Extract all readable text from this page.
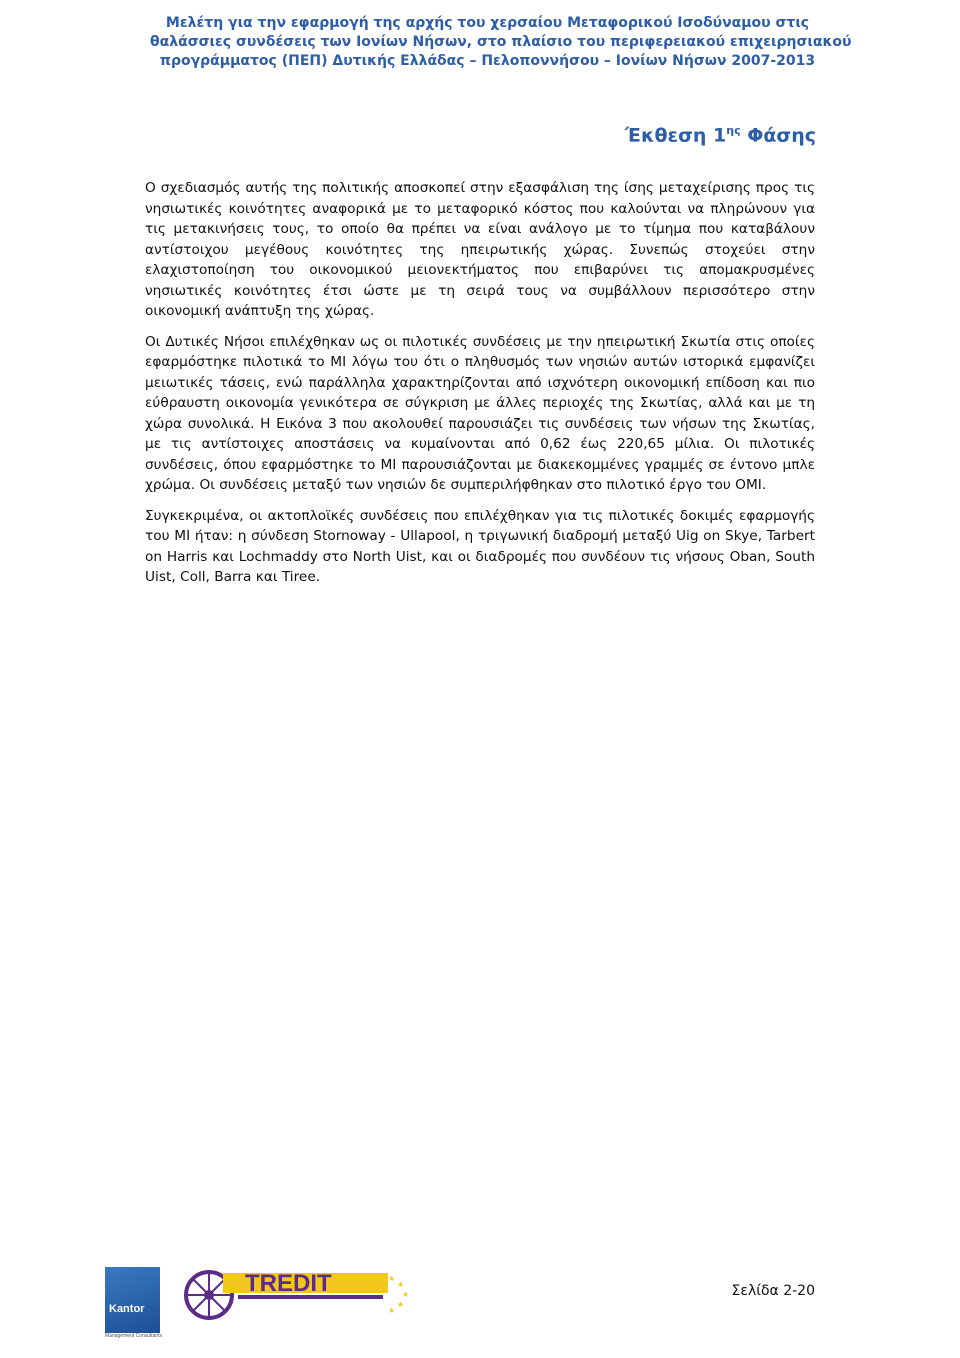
Μελέτη για την εφαρμογή της αρχής του χερσαίου Μεταφορικού Ισοδύναμου στις
θαλάσσιες συνδέσεις των Ιονίων Νήσων, στο πλαίσιο του περιφερειακού επιχειρησιακού
προγράμματος (ΠΕΠ) Δυτικής Ελλάδας – Πελοποννήσου – Ιονίων Νήσων 2007-2013
Έκθεση $1^{\eta\varsigma}$ Φάσης

Ο σχεδιασμός αυτής της πολιτικής αποσκοπεί στην εξασφάλιση της ίσης μεταχείρισης προς τις νησιωτικές κοινότητες αναφορικά με το μεταφορικό κόστος που καλούνται να πληρώνουν για τις μετακινήσεις τους, το οποίο θα πρέπει να είναι ανάλογο με το τίμημα που καταβάλουν αντίστοιχου μεγέθους κοινότητες της ηπειρωτικής χώρας. Συνεπώς στοχεύει στην ελαχιστοποίηση του οικονομικού μειονεκτήματος που επιβαρύνει τις απομακρυσμένες νησιωτικές κοινότητες έτσι ώστε με τη σειρά τους να συμβάλλουν περισσότερο στην οικονομική ανάπτυξη της χώρας.

Οι Δυτικές Νήσοι επιλέχθηκαν ως οι πιλοτικές συνδέσεις με την ηπειρωτική Σκωτία στις οποίες εφαρμόστηκε πιλοτικά το ΜΙ λόγω του ότι ο πληθυσμός των νησιών αυτών ιστορικά εμφανίζει μειωτικές τάσεις, ενώ παράλληλα χαρακτηρίζονται από ισχνότερη οικονομική επίδοση και πιο εύθραυστη οικονομία γενικότερα σε σύγκριση με άλλες περιοχές της Σκωτίας, αλλά και με τη χώρα συνολικά. Η Εικόνα 3 που ακολουθεί παρουσιάζει τις συνδέσεις των νήσων της Σκωτίας, με τις αντίστοιχες αποστάσεις να κυμαίνονται από 0,62 έως 220,65 μίλια. Οι πιλοτικές συνδέσεις, όπου εφαρμόστηκε το ΜΙ παρουσιάζονται με διακεκομμένες γραμμές σε έντονο μπλε χρώμα. Οι συνδέσεις μεταξύ των νησιών δε συμπεριλήφθηκαν στο πιλοτικό έργο του ΟΜΙ.

Συγκεκριμένα, οι ακτοπλοϊκές συνδέσεις που επιλέχθηκαν για τις πιλοτικές δοκιμές εφαρμογής του ΜΙ ήταν: η σύνδεση Stornoway - Ullapool, η τριγωνική διαδρομή μεταξύ Uig on Skye, Tarbert on Harris και Lochmaddy στο North Uist, και οι διαδρομές που συνδέουν τις νήσους Oban, South Uist, Coll, Barra και Tiree.

Kantor
Management Consultants
★
★
★
★
★
TREDIT	Σελίδα 2-20
